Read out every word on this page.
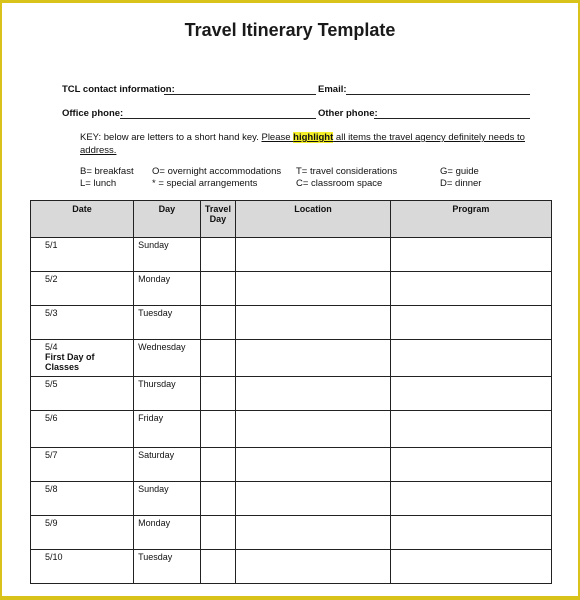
Travel Itinerary Template
TCL contact information:	Email:
Office phone:	Other phone:
KEY: below are letters to a short hand key. Please highlight all items the travel agency definitely needs to address.
B= breakfast
L= lunch
O= overnight accommodations
* = special arrangements
T= travel considerations
C= classroom space
G= guide
D= dinner
Date	Day	Travel Day	Location	Program
5/1	Sunday			
5/2	Monday			
5/3	Tuesday			
5/4
First Day of Classes	Wednesday			
5/5	Thursday			
5/6	Friday			
5/7	Saturday			
5/8	Sunday			
5/9	Monday			
5/10	Tuesday			
